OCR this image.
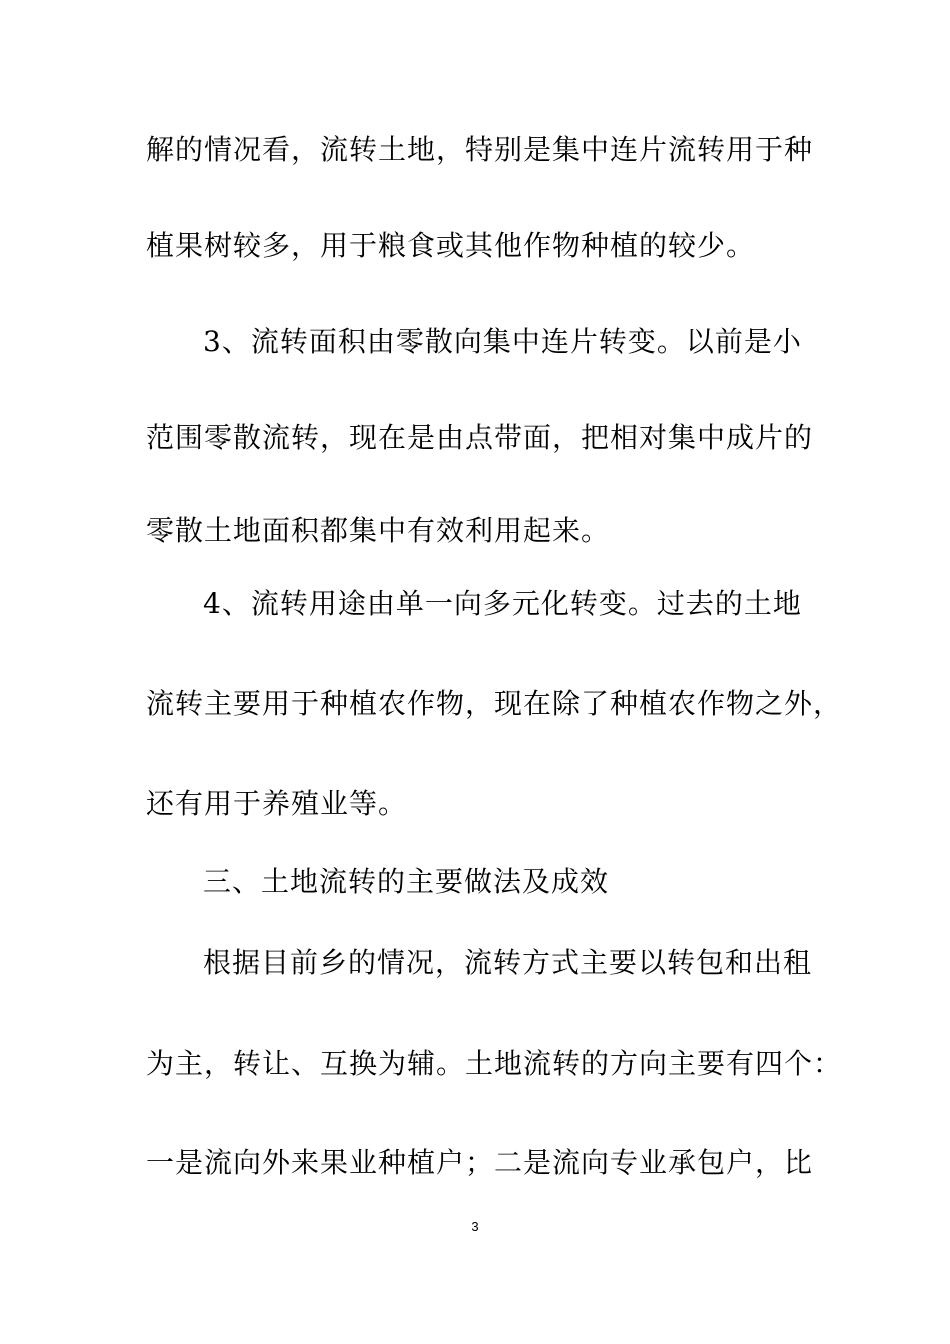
解的情况看，流转土地，特别是集中连片流转用于种
植果树较多，用于粮食或其他作物种植的较少。
3、流转面积由零散向集中连片转变。以前是小
范围零散流转，现在是由点带面，把相对集中成片的
零散土地面积都集中有效利用起来。
4、流转用途由单一向多元化转变。过去的土地
流转主要用于种植农作物，现在除了种植农作物之外，
还有用于养殖业等。
三、土地流转的主要做法及成效
根据目前乡的情况，流转方式主要以转包和出租
为主，转让、互换为辅。土地流转的方向主要有四个：
一是流向外来果业种植户；二是流向专业承包户，比
3
